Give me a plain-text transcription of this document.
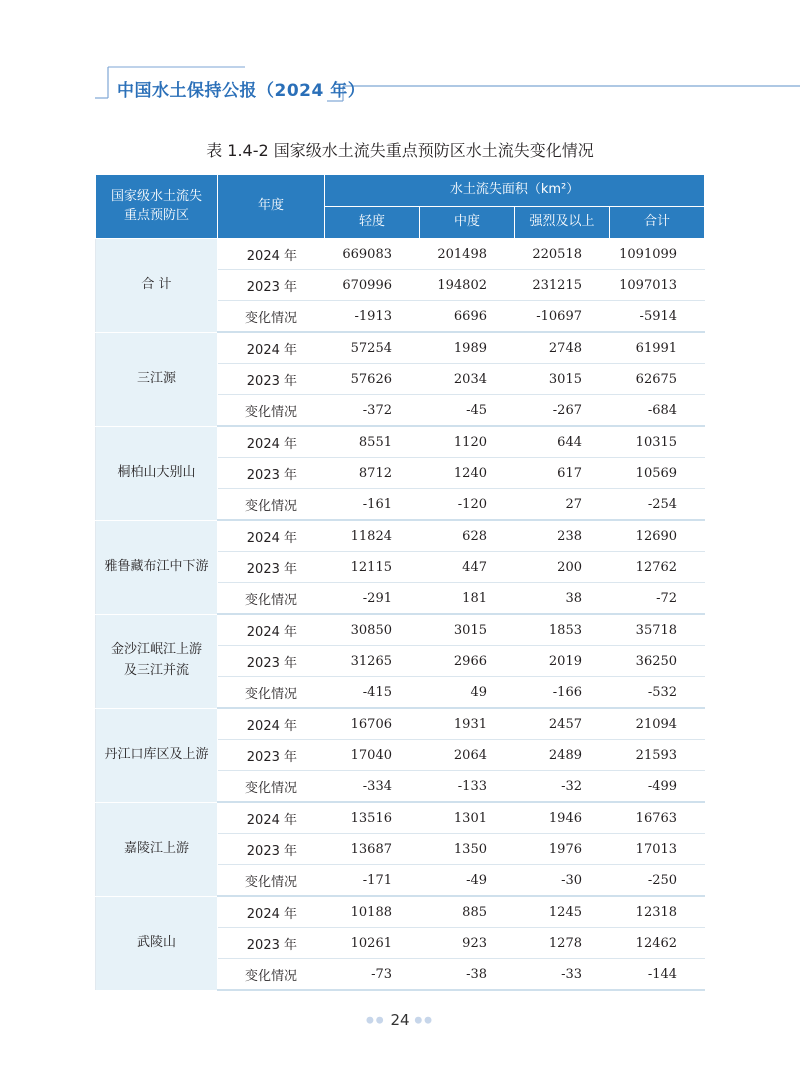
中国水土保持公报（2024 年）
表 1.4-2 国家级水土流失重点预防区水土流失变化情况
国家级水土流失
重点预防区	年度	水土流失面积（km²）			
		轻度	中度	强烈及以上	合计
合 计	2024 年	669083	201498	220518	1091099
	2023 年	670996	194802	231215	1097013
	变化情况	-1913	6696	-10697	-5914
三江源	2024 年	57254	1989	2748	61991
	2023 年	57626	2034	3015	62675
	变化情况	-372	-45	-267	-684
桐柏山大别山	2024 年	8551	1120	644	10315
	2023 年	8712	1240	617	10569
	变化情况	-161	-120	27	-254
雅鲁藏布江中下游	2024 年	11824	628	238	12690
	2023 年	12115	447	200	12762
	变化情况	-291	181	38	-72
金沙江岷江上游
及三江并流	2024 年	30850	3015	1853	35718
	2023 年	31265	2966	2019	36250
	变化情况	-415	49	-166	-532
丹江口库区及上游	2024 年	16706	1931	2457	21094
	2023 年	17040	2064	2489	21593
	变化情况	-334	-133	-32	-499
嘉陵江上游	2024 年	13516	1301	1946	16763
	2023 年	13687	1350	1976	17013
	变化情况	-171	-49	-30	-250
武陵山	2024 年	10188	885	1245	12318
	2023 年	10261	923	1278	12462
	变化情况	-73	-38	-33	-144
●● 24 ●●
